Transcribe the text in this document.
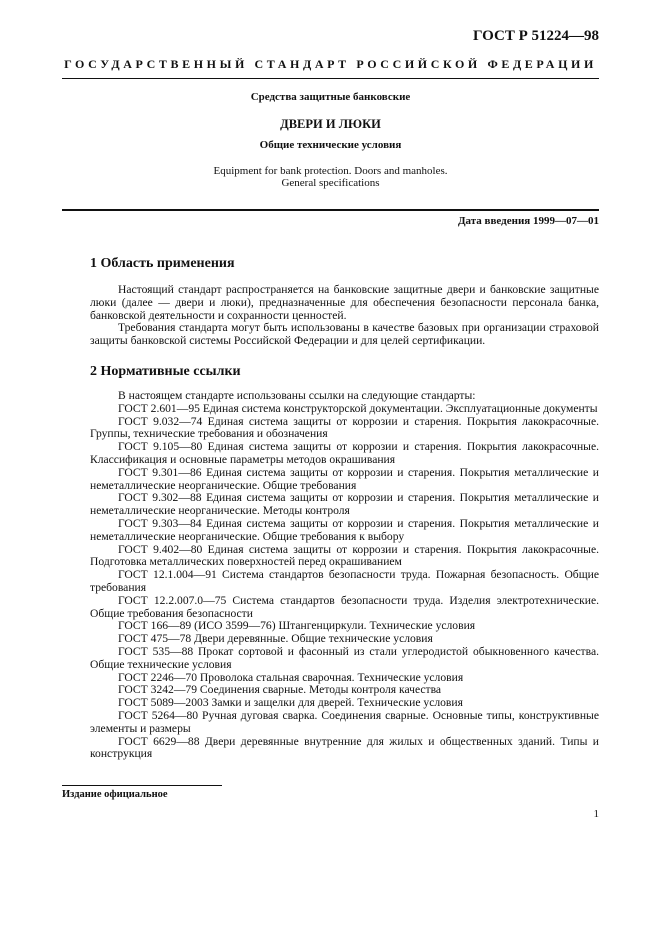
ГОСТ Р 51224—98
ГОСУДАРСТВЕННЫЙ СТАНДАРТ РОССИЙСКОЙ ФЕДЕРАЦИИ
Средства защитные банковские
ДВЕРИ И ЛЮКИ
Общие технические условия
Equipment for bank protection. Doors and manholes.
General specifications
Дата введения 1999—07—01
1 Область применения

Настоящий стандарт распространяется на банковские защитные двери и банковские защитные люки (далее — двери и люки), предназначенные для обеспечения безопасности персонала банка, банковской деятельности и сохранности ценностей.

Требования стандарта могут быть использованы в качестве базовых при организации страховой защиты банковской системы Российской Федерации и для целей сертификации.

2 Нормативные ссылки

В настоящем стандарте использованы ссылки на следующие стандарты:

ГОСТ 2.601—95 Единая система конструкторской документации. Эксплуатационные документы

ГОСТ 9.032—74 Единая система защиты от коррозии и старения. Покрытия лакокрасочные. Группы, технические требования и обозначения

ГОСТ 9.105—80 Единая система защиты от коррозии и старения. Покрытия лакокрасочные. Классификация и основные параметры методов окрашивания

ГОСТ 9.301—86 Единая система защиты от коррозии и старения. Покрытия металлические и неметаллические неорганические. Общие требования

ГОСТ 9.302—88 Единая система защиты от коррозии и старения. Покрытия металлические и неметаллические неорганические. Методы контроля

ГОСТ 9.303—84 Единая система защиты от коррозии и старения. Покрытия металлические и неметаллические неорганические. Общие требования к выбору

ГОСТ 9.402—80 Единая система защиты от коррозии и старения. Покрытия лакокрасочные. Подготовка металлических поверхностей перед окрашиванием

ГОСТ 12.1.004—91 Система стандартов безопасности труда. Пожарная безопасность. Общие требования

ГОСТ 12.2.007.0—75 Система стандартов безопасности труда. Изделия электротехнические. Общие требования безопасности

ГОСТ 166—89 (ИСО 3599—76) Штангенциркули. Технические условия

ГОСТ 475—78 Двери деревянные. Общие технические условия

ГОСТ 535—88 Прокат сортовой и фасонный из стали углеродистой обыкновенного качества. Общие технические условия

ГОСТ 2246—70 Проволока стальная сварочная. Технические условия

ГОСТ 3242—79 Соединения сварные. Методы контроля качества

ГОСТ 5089—2003 Замки и защелки для дверей. Технические условия

ГОСТ 5264—80 Ручная дуговая сварка. Соединения сварные. Основные типы, конструктивные элементы и размеры

ГОСТ 6629—88 Двери деревянные внутренние для жилых и общественных зданий. Типы и конструкция

Издание официальное
1
